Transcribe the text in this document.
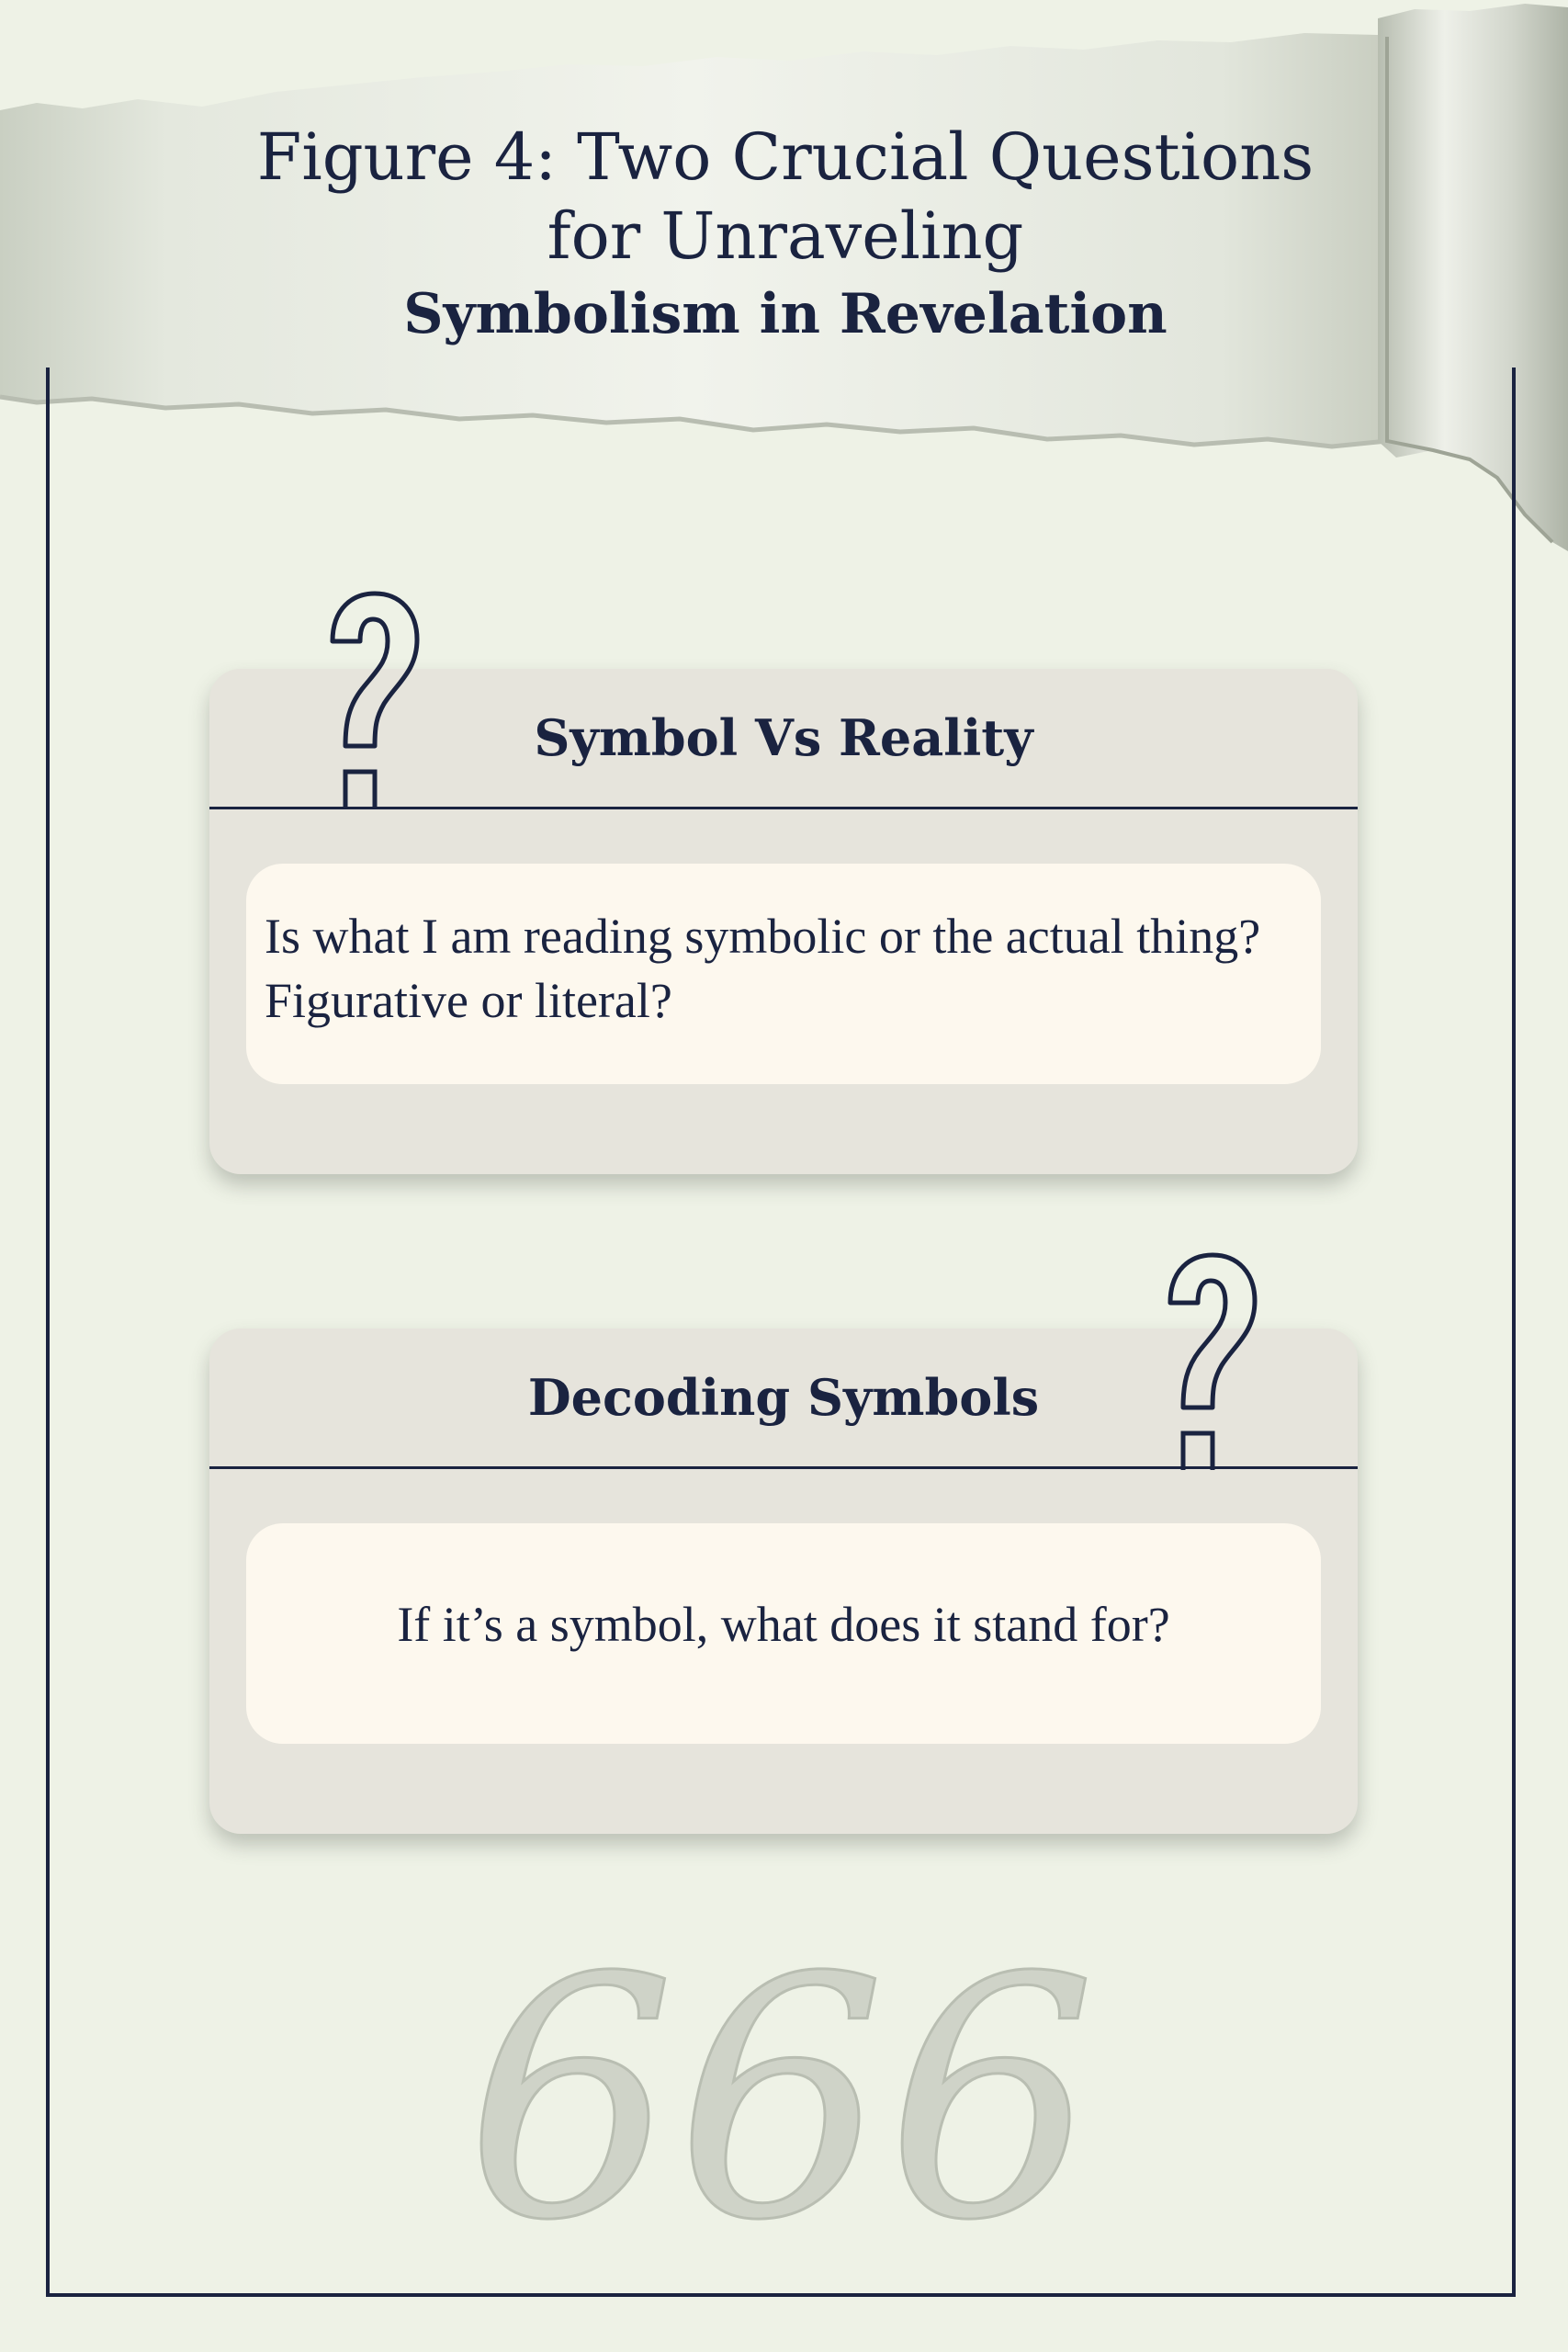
Figure 4: Two Crucial Questions
for Unraveling
Symbolism in Revelation
Symbol Vs Reality
Is what I am reading symbolic or the actual thing? Figurative or literal?
Decoding Symbols
If it’s a symbol, what does it stand for?
666
